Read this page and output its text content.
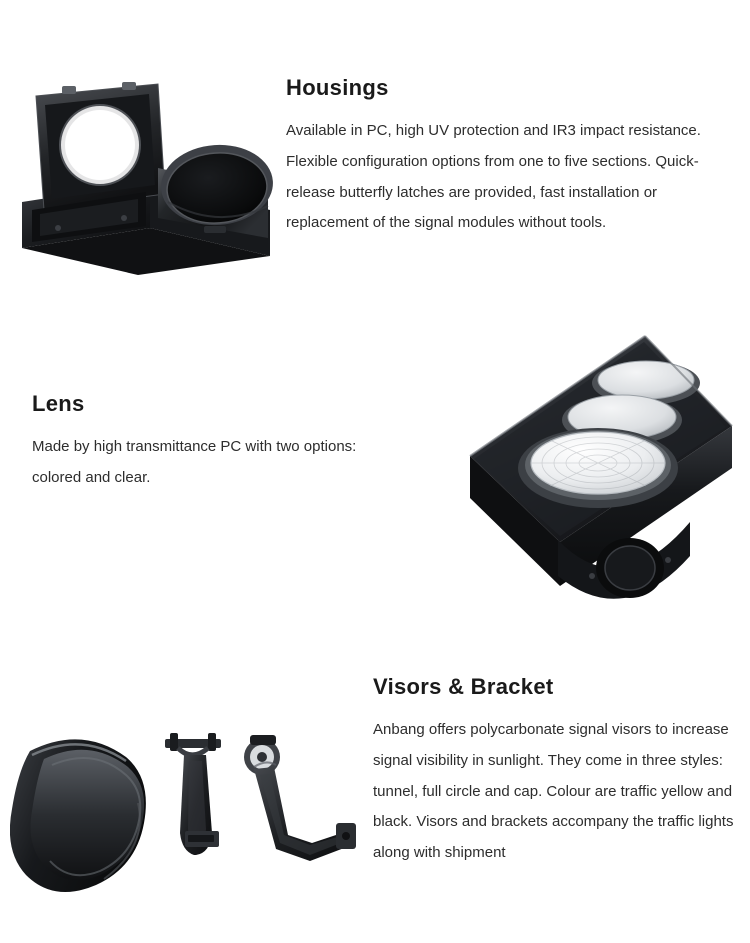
Housings

Available in PC, high UV protection and IR3 impact resistance. Flexible configuration options from one to five sections. Quick-release butterfly latches are provided, fast installation or replacement of the signal modules without tools.

Lens

Made by high transmittance PC with two options: colored and clear.

Visors & Bracket

Anbang offers polycarbonate signal visors to increase signal visibility in sunlight. They come in three styles: tunnel, full circle and cap. Colour are traffic yellow and black. Visors and brackets accompany the traffic lights along with shipment
